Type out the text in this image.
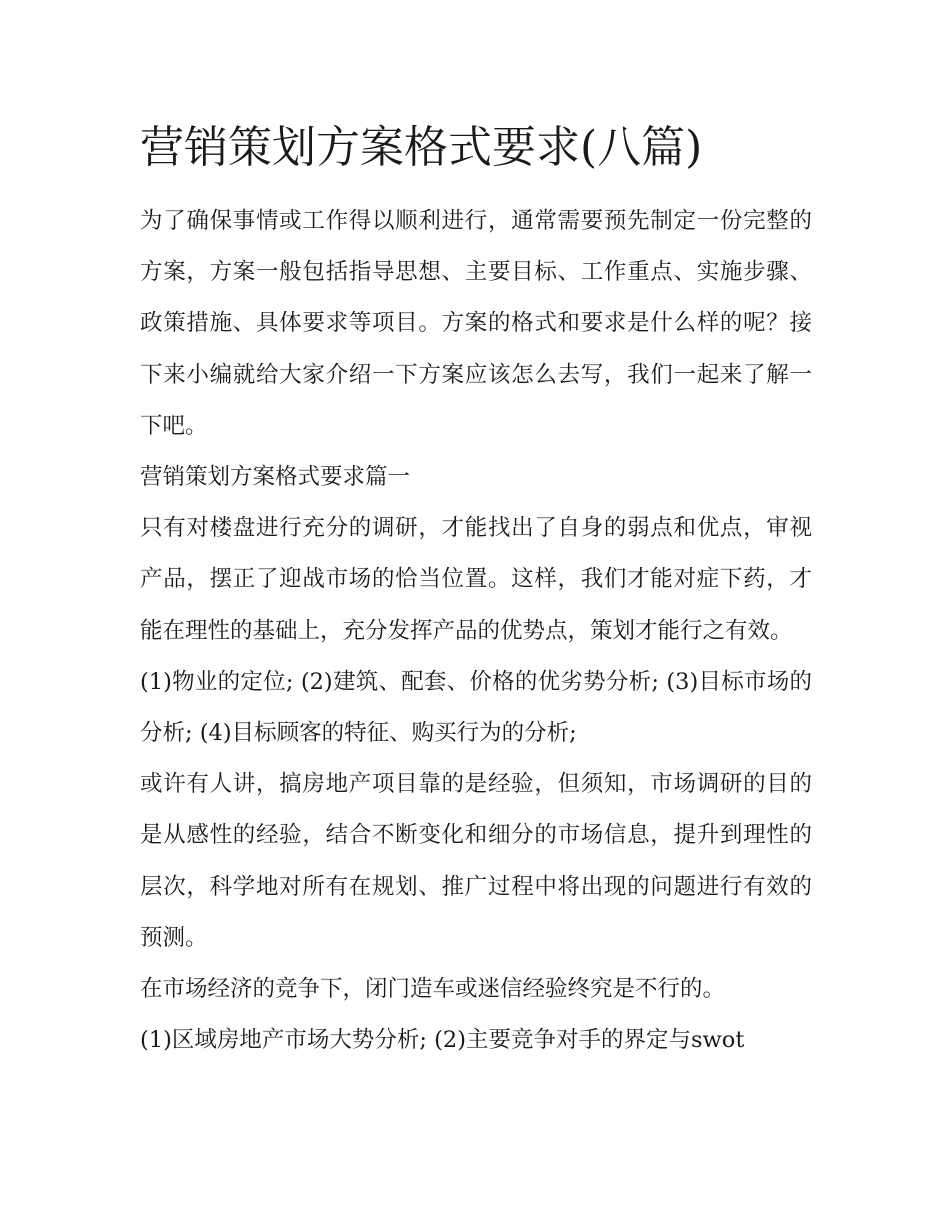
营销策划方案格式要求(八篇)

为了确保事情或工作得以顺利进行，通常需要预先制定一份完整的方案，方案一般包括指导思想、主要目标、工作重点、实施步骤、政策措施、具体要求等项目。方案的格式和要求是什么样的呢？接下来小编就给大家介绍一下方案应该怎么去写，我们一起来了解一下吧。

营销策划方案格式要求篇一

只有对楼盘进行充分的调研，才能找出了自身的弱点和优点，审视产品，摆正了迎战市场的恰当位置。这样，我们才能对症下药，才能在理性的基础上，充分发挥产品的优势点，策划才能行之有效。

(1)物业的定位; (2)建筑、配套、价格的优劣势分析; (3)目标市场的分析; (4)目标顾客的特征、购买行为的分析;

或许有人讲，搞房地产项目靠的是经验，但须知，市场调研的目的是从感性的经验，结合不断变化和细分的市场信息，提升到理性的层次，科学地对所有在规划、推广过程中将出现的问题进行有效的预测。

在市场经济的竞争下，闭门造车或迷信经验终究是不行的。

(1)区域房地产市场大势分析; (2)主要竞争对手的界定与swot
